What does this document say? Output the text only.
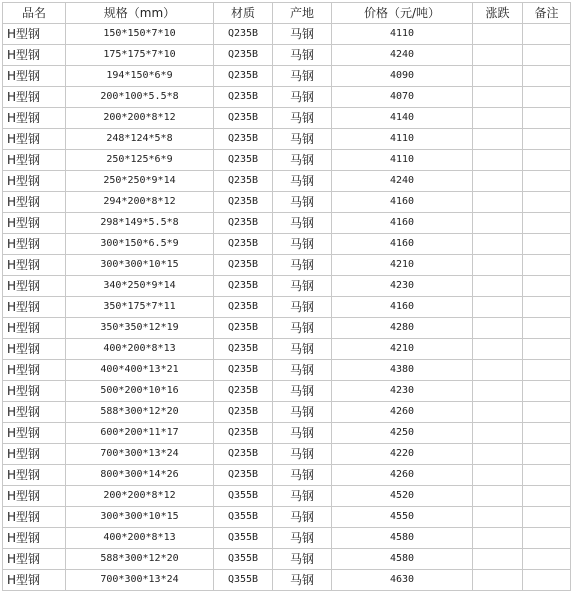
品名	规格（mm）	材质	产地	价格（元/吨）	涨跌	备注
H型钢	150*150*7*10	Q235B	马钢	4110		
H型钢	175*175*7*10	Q235B	马钢	4240		
H型钢	194*150*6*9	Q235B	马钢	4090		
H型钢	200*100*5.5*8	Q235B	马钢	4070		
H型钢	200*200*8*12	Q235B	马钢	4140		
H型钢	248*124*5*8	Q235B	马钢	4110		
H型钢	250*125*6*9	Q235B	马钢	4110		
H型钢	250*250*9*14	Q235B	马钢	4240		
H型钢	294*200*8*12	Q235B	马钢	4160		
H型钢	298*149*5.5*8	Q235B	马钢	4160		
H型钢	300*150*6.5*9	Q235B	马钢	4160		
H型钢	300*300*10*15	Q235B	马钢	4210		
H型钢	340*250*9*14	Q235B	马钢	4230		
H型钢	350*175*7*11	Q235B	马钢	4160		
H型钢	350*350*12*19	Q235B	马钢	4280		
H型钢	400*200*8*13	Q235B	马钢	4210		
H型钢	400*400*13*21	Q235B	马钢	4380		
H型钢	500*200*10*16	Q235B	马钢	4230		
H型钢	588*300*12*20	Q235B	马钢	4260		
H型钢	600*200*11*17	Q235B	马钢	4250		
H型钢	700*300*13*24	Q235B	马钢	4220		
H型钢	800*300*14*26	Q235B	马钢	4260		
H型钢	200*200*8*12	Q355B	马钢	4520		
H型钢	300*300*10*15	Q355B	马钢	4550		
H型钢	400*200*8*13	Q355B	马钢	4580		
H型钢	588*300*12*20	Q355B	马钢	4580		
H型钢	700*300*13*24	Q355B	马钢	4630		
